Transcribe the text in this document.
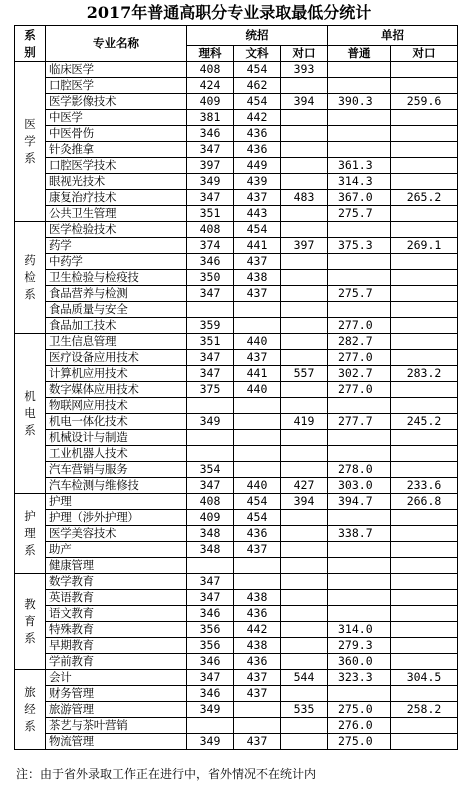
2017年普通高职分专业录取最低分统计
系别	专业名称	统招			单招	
		理科	文科	对口	普通	对口

医学系	临床医学	408	454	393		
	口腔医学	424	462			
	医学影像技术	409	454	394	390.3	259.6
	中医学	381	442			
	中医骨伤	346	436			
	针灸推拿	347	436			
	口腔医学技术	397	449		361.3	
	眼视光技术	349	439		314.3	
	康复治疗技术	347	437	483	367.0	265.2
	公共卫生管理	351	443		275.7	

药检系	医学检验技术	408	454			
	药学	374	441	397	375.3	269.1
	中药学	346	437			
	卫生检验与检疫技	350	438			
	食品营养与检测	347	437		275.7	
	食品质量与安全					
	食品加工技术	359			277.0	

机电系	卫生信息管理	351	440		282.7	
	医疗设备应用技术	347	437		277.0	
	计算机应用技术	347	441	557	302.7	283.2
	数字媒体应用技术	375	440		277.0	
	物联网应用技术					
	机电一体化技术	349		419	277.7	245.2
	机械设计与制造					
	工业机器人技术					
	汽车营销与服务	354			278.0	
	汽车检测与维修技	347	440	427	303.0	233.6

护理系	护理	408	454	394	394.7	266.8
	护理（涉外护理）	409	454			
	医学美容技术	348	436		338.7	
	助产	348	437			
	健康管理					

教育系	数学教育	347				
	英语教育	347	438			
	语文教育	346	436			
	特殊教育	356	442		314.0	
	早期教育	356	438		279.3	
	学前教育	346	436		360.0	

旅经系	会计	347	437	544	323.3	304.5
	财务管理	346	437			
	旅游管理	349		535	275.0	258.2
	茶艺与茶叶营销				276.0	
	物流管理	349	437		275.0	
注：由于省外录取工作正在进行中，省外情况不在统计内
